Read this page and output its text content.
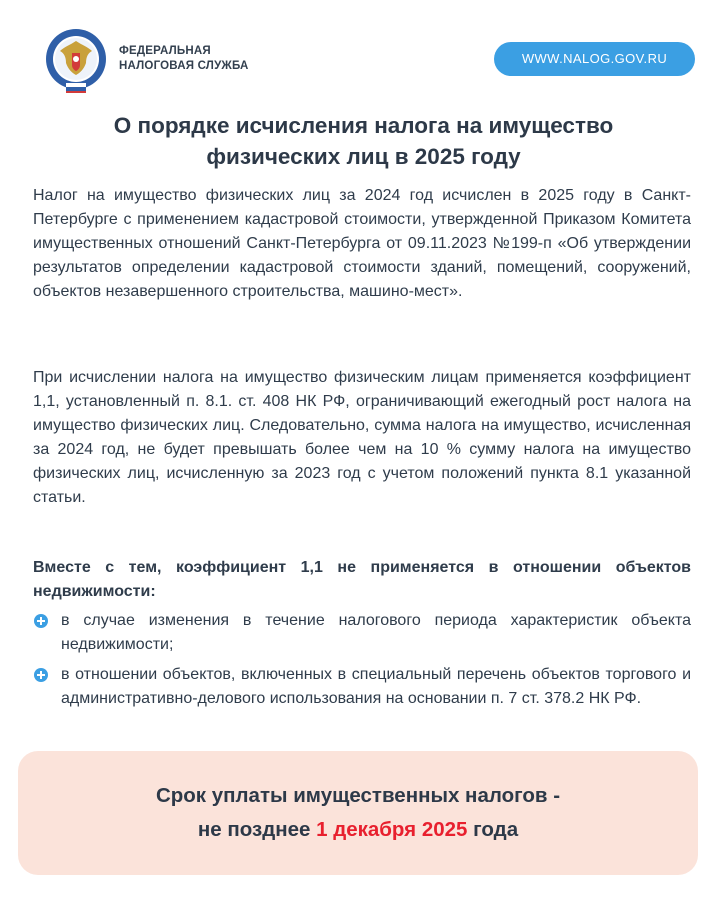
ФЕДЕРАЛЬНАЯ
НАЛОГОВАЯ СЛУЖБА	WWW.NALOG.GOV.RU
О порядке исчисления налога на имущество
физических лиц в 2025 году

Налог на имущество физических лиц за 2024 год исчислен в 2025 году в Санкт-Петербурге с применением кадастровой стоимости, утвержденной Приказом Комитета имущественных отношений Санкт-Петербурга от 09.11.2023 №199-п «Об утверждении результатов определении кадастровой стоимости зданий, помещений, сооружений, объектов незавершенного строительства, машино-мест».

При исчислении налога на имущество физическим лицам применяется коэффициент 1,1, установленный п. 8.1. ст. 408 НК РФ, ограничивающий ежегодный рост налога на имущество физических лиц. Следовательно, сумма налога на имущество, исчисленная за 2024 год, не будет превышать более чем на 10 % сумму налога на имущество физических лиц, исчисленную за 2023 год с учетом положений пункта 8.1 указанной статьи.

Вместе с тем, коэффициент 1,1 не применяется в отношении объектов недвижимости:

в случае изменения в течение налогового периода характеристик объекта недвижимости;
в отношении объектов, включенных в специальный перечень объектов торгового и административно-делового использования на основании п. 7 ст. 378.2 НК РФ.
Срок уплаты имущественных налогов -
не позднее 1 декабря 2025 года
